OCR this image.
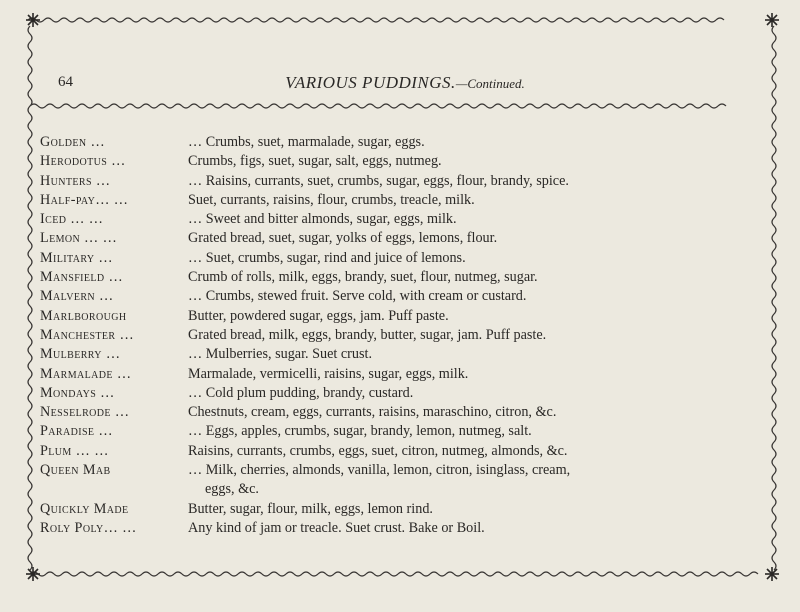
64	VARIOUS PUDDINGS.—Continued.
Golden …	… Crumbs, suet, marmalade, sugar, eggs.
Herodotus …	Crumbs, figs, suet, sugar, salt, eggs, nutmeg.
Hunters …	… Raisins, currants, suet, crumbs, sugar, eggs, flour, brandy, spice.
Half-pay… …	Suet, currants, raisins, flour, crumbs, treacle, milk.
Iced … …	… Sweet and bitter almonds, sugar, eggs, milk.
Lemon … …	Grated bread, suet, sugar, yolks of eggs, lemons, flour.
Military …	… Suet, crumbs, sugar, rind and juice of lemons.
Mansfield …	Crumb of rolls, milk, eggs, brandy, suet, flour, nutmeg, sugar.
Malvern …	… Crumbs, stewed fruit. Serve cold, with cream or custard.
Marlborough	Butter, powdered sugar, eggs, jam. Puff paste.
Manchester …	Grated bread, milk, eggs, brandy, butter, sugar, jam. Puff paste.
Mulberry …	… Mulberries, sugar. Suet crust.
Marmalade …	Marmalade, vermicelli, raisins, sugar, eggs, milk.
Mondays …	… Cold plum pudding, brandy, custard.
Nesselrode …	Chestnuts, cream, eggs, currants, raisins, maraschino, citron, &c.
Paradise …	… Eggs, apples, crumbs, sugar, brandy, lemon, nutmeg, salt.
Plum … …	Raisins, currants, crumbs, eggs, suet, citron, nutmeg, almonds, &c.
Queen Mab	… Milk, cherries, almonds, vanilla, lemon, citron, isinglass, cream,
eggs, &c.
Quickly Made	Butter, sugar, flour, milk, eggs, lemon rind.
Roly Poly… …	Any kind of jam or treacle. Suet crust. Bake or Boil.
